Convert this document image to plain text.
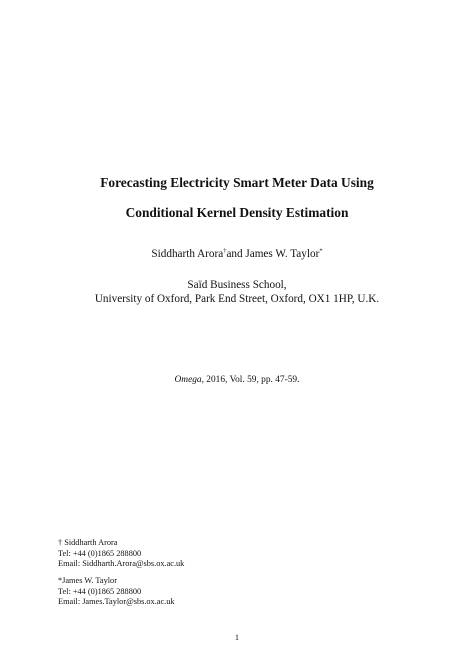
Forecasting Electricity Smart Meter Data Using
Conditional Kernel Density Estimation
Siddharth Arora†and James W. Taylor*
Saïd Business School,
University of Oxford, Park End Street, Oxford, OX1 1HP, U.K.
Omega, 2016, Vol. 59, pp. 47-59.
† Siddharth Arora
Tel: +44 (0)1865 288800
Email: Siddharth.Arora@sbs.ox.ac.uk
*James W. Taylor
Tel: +44 (0)1865 288800
Email: James.Taylor@sbs.ox.ac.uk
1
